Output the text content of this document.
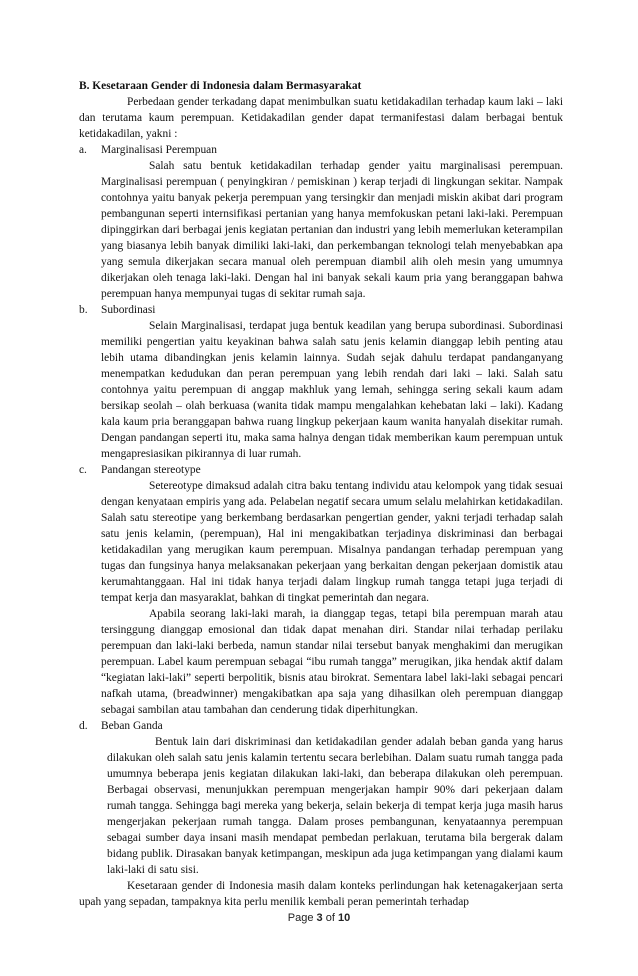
B. Kesetaraan Gender di Indonesia dalam Bermasyarakat

Perbedaan gender terkadang dapat menimbulkan suatu ketidakadilan terhadap kaum laki – laki dan terutama kaum perempuan. Ketidakadilan gender dapat termanifestasi dalam berbagai bentuk ketidakadilan, yakni :

a.	Marginalisasi Perempuan

Salah satu bentuk ketidakadilan terhadap gender yaitu marginalisasi perempuan. Marginalisasi perempuan ( penyingkiran / pemiskinan ) kerap terjadi di lingkungan sekitar. Nampak contohnya yaitu banyak pekerja perempuan yang tersingkir dan menjadi miskin akibat dari program pembangunan seperti internsifikasi pertanian yang hanya memfokuskan petani laki-laki. Perempuan dipinggirkan dari berbagai jenis kegiatan pertanian dan industri yang lebih memerlukan keterampilan yang biasanya lebih banyak dimiliki laki-laki, dan perkembangan teknologi telah menyebabkan apa yang semula dikerjakan secara manual oleh perempuan diambil alih oleh mesin yang umumnya dikerjakan oleh tenaga laki-laki. Dengan hal ini banyak sekali kaum pria yang beranggapan bahwa perempuan hanya mempunyai tugas di sekitar rumah saja.

b.	Subordinasi

Selain Marginalisasi, terdapat juga bentuk keadilan yang berupa subordinasi. Subordinasi memiliki pengertian yaitu keyakinan bahwa salah satu jenis kelamin dianggap lebih penting atau lebih utama dibandingkan jenis kelamin lainnya. Sudah sejak dahulu terdapat pandanganyang menempatkan kedudukan dan peran perempuan yang lebih rendah dari laki – laki. Salah satu contohnya yaitu perempuan di anggap makhluk yang lemah, sehingga sering sekali kaum adam bersikap seolah – olah berkuasa (wanita tidak mampu mengalahkan kehebatan laki – laki). Kadang kala kaum pria beranggapan bahwa ruang lingkup pekerjaan kaum wanita hanyalah disekitar rumah. Dengan pandangan seperti itu, maka sama halnya dengan tidak memberikan kaum perempuan untuk mengapresiasikan pikirannya di luar rumah.

c.	Pandangan stereotype

Setereotype dimaksud adalah citra baku tentang individu atau kelompok yang tidak sesuai dengan kenyataan empiris yang ada. Pelabelan negatif secara umum selalu melahirkan ketidakadilan. Salah satu stereotipe yang berkembang berdasarkan pengertian gender, yakni terjadi terhadap salah satu jenis kelamin, (perempuan), Hal ini mengakibatkan terjadinya diskriminasi dan berbagai ketidakadilan yang merugikan kaum perempuan. Misalnya pandangan terhadap perempuan yang tugas dan fungsinya hanya melaksanakan pekerjaan yang berkaitan dengan pekerjaan domistik atau kerumahtanggaan. Hal ini tidak hanya terjadi dalam lingkup rumah tangga tetapi juga terjadi di tempat kerja dan masyaraklat, bahkan di tingkat pemerintah dan negara.

Apabila seorang laki-laki marah, ia dianggap tegas, tetapi bila perempuan marah atau tersinggung dianggap emosional dan tidak dapat menahan diri. Standar nilai terhadap perilaku perempuan dan laki-laki berbeda, namun standar nilai tersebut banyak menghakimi dan merugikan perempuan. Label kaum perempuan sebagai “ibu rumah tangga” merugikan, jika hendak aktif dalam “kegiatan laki-laki” seperti berpolitik, bisnis atau birokrat. Sementara label laki-laki sebagai pencari nafkah utama, (breadwinner) mengakibatkan apa saja yang dihasilkan oleh perempuan dianggap sebagai sambilan atau tambahan dan cenderung tidak diperhitungkan.

d.	Beban Ganda

Bentuk lain dari diskriminasi dan ketidakadilan gender adalah beban ganda yang harus dilakukan oleh salah satu jenis kalamin tertentu secara berlebihan. Dalam suatu rumah tangga pada umumnya beberapa jenis kegiatan dilakukan laki-laki, dan beberapa dilakukan oleh perempuan. Berbagai observasi, menunjukkan perempuan mengerjakan hampir 90% dari pekerjaan dalam rumah tangga. Sehingga bagi mereka yang bekerja, selain bekerja di tempat kerja juga masih harus mengerjakan pekerjaan rumah tangga. Dalam proses pembangunan, kenyataannya perempuan sebagai sumber daya insani masih mendapat pembedan perlakuan, terutama bila bergerak dalam bidang publik. Dirasakan banyak ketimpangan, meskipun ada juga ketimpangan yang dialami kaum laki-laki di satu sisi.

Kesetaraan gender di Indonesia masih dalam konteks perlindungan hak ketenagakerjaan serta upah yang sepadan, tampaknya kita perlu menilik kembali peran pemerintah terhadap

Page 3 of 10
